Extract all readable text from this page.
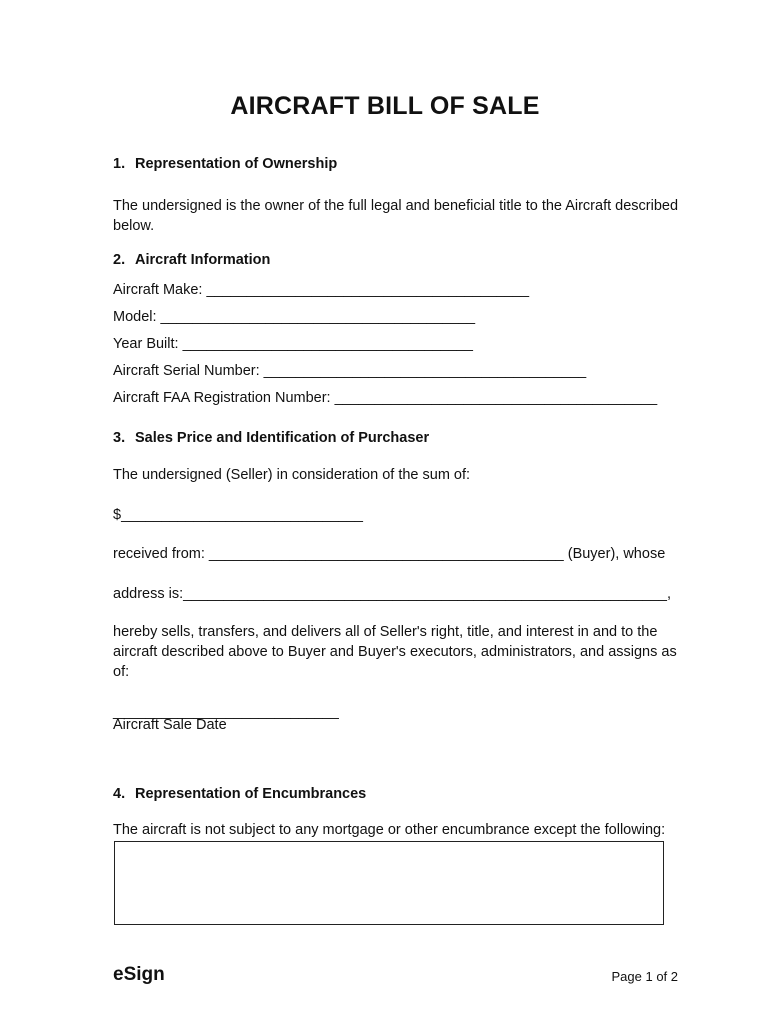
AIRCRAFT BILL OF SALE
1. Representation of Ownership
The undersigned is the owner of the full legal and beneficial title to the Aircraft described below.
2. Aircraft Information
Aircraft Make: ________________________________________
Model: _______________________________________
Year Built: ____________________________________
Aircraft Serial Number: ________________________________________
Aircraft FAA Registration Number: ________________________________________
3. Sales Price and Identification of Purchaser
The undersigned (Seller) in consideration of the sum of:
$______________________________
received from: ____________________________________________ (Buyer), whose
address is:____________________________________________________________,
hereby sells, transfers, and delivers all of Seller's right, title, and interest in and to the aircraft described above to Buyer and Buyer's executors, administrators, and assigns as of:
____________________________
Aircraft Sale Date
4. Representation of Encumbrances
The aircraft is not subject to any mortgage or other encumbrance except the following:
eSign	Page 1 of 2
